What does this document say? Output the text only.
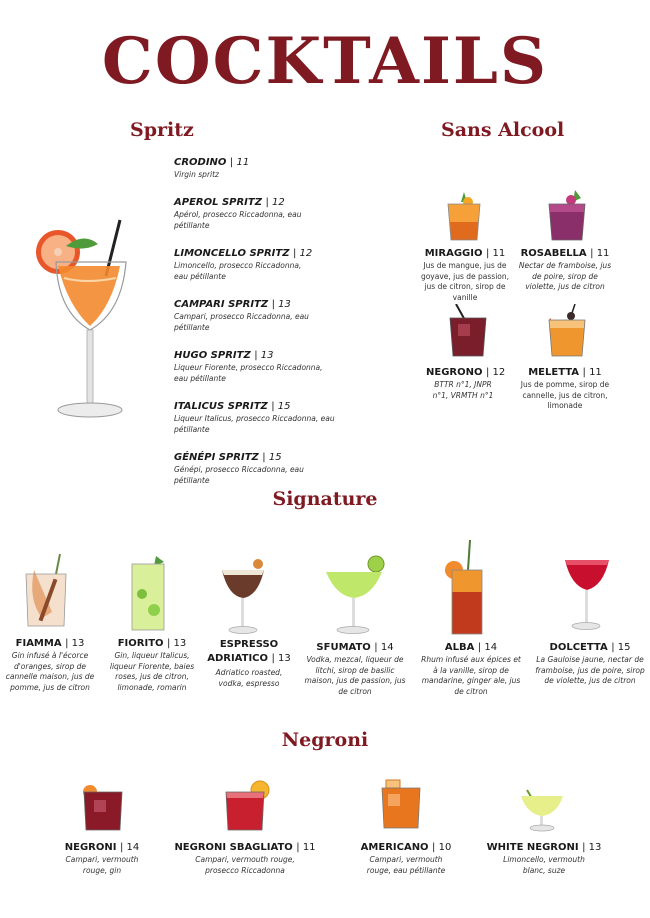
COCKTAILS
Spritz
CRODINO | 11
Virgin spritz
APEROL SPRITZ | 12
Apérol, prosecco Riccadonna, eau pétillante
LIMONCELLO SPRITZ | 12
Limoncello, prosecco Riccadonna, eau pétillante
CAMPARI SPRITZ | 13
Campari, prosecco Riccadonna, eau pétillante
HUGO SPRITZ | 13
Liqueur Fiorente, prosecco Riccadonna, eau pétillante
ITALICUS SPRITZ | 15
Liqueur Italicus, prosecco Riccadonna, eau pétillante
GÉNÉPI SPRITZ | 15
Génépi, prosecco Riccadonna, eau pétillante
Sans Alcool
MIRAGGIO | 11
Jus de mangue, jus de goyave, jus de passion, jus de citron, sirop de vanille
ROSABELLA | 11
Nectar de framboise, jus de poire, sirop de violette, jus de citron
NEGRONO | 12
BTTR n°1, JNPR n°1, VRMTH n°1
MELETTA | 11
Jus de pomme, sirop de cannelle, jus de citron, limonade
Signature
FIAMMA | 13
Gin infusé à l'écorce d'oranges, sirop de cannelle maison, jus de pomme, jus de citron
FIORITO | 13
Gin, liqueur Italicus, liqueur Fiorente, baies roses, jus de citron, limonade, romarin
ESPRESSO ADRIATICO | 13
Adriatico roasted, vodka, espresso
SFUMATO | 14
Vodka, mezcal, liqueur de litchi, sirop de basilic maison, jus de passion, jus de citron
ALBA | 14
Rhum infusé aux épices et à la vanille, sirop de mandarine, ginger ale, jus de citron
DOLCETTA | 15
La Gauloise jaune, nectar de framboise, jus de poire, sirop de violette, jus de citron
Negroni
NEGRONI | 14
Campari, vermouth rouge, gin
NEGRONI SBAGLIATO | 11
Campari, vermouth rouge, prosecco Riccadonna
AMERICANO | 10
Campari, vermouth rouge, eau pétillante
WHITE NEGRONI | 13
Limoncello, vermouth blanc, suze
